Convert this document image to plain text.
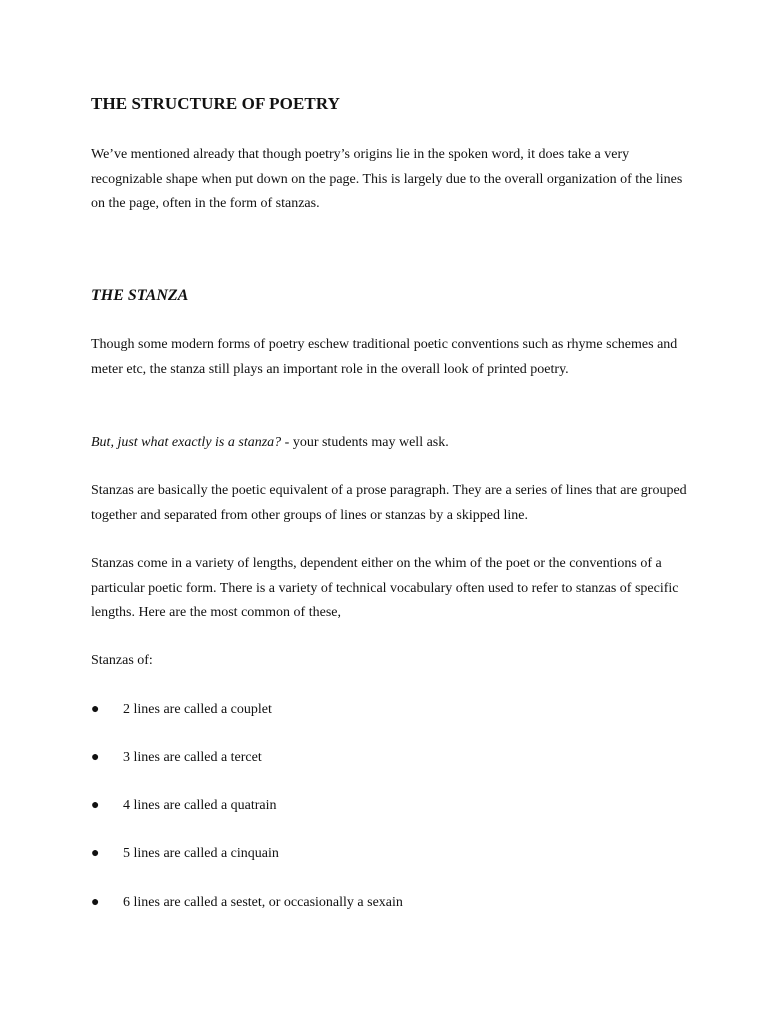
THE STRUCTURE OF POETRY

We’ve mentioned already that though poetry’s origins lie in the spoken word, it does take a very recognizable shape when put down on the page. This is largely due to the overall organization of the lines on the page, often in the form of stanzas.

THE STANZA

Though some modern forms of poetry eschew traditional poetic conventions such as rhyme schemes and meter etc, the stanza still plays an important role in the overall look of printed poetry.

But, just what exactly is a stanza? - your students may well ask.

Stanzas are basically the poetic equivalent of a prose paragraph. They are a series of lines that are grouped together and separated from other groups of lines or stanzas by a skipped line.

Stanzas come in a variety of lengths, dependent either on the whim of the poet or the conventions of a particular poetic form. There is a variety of technical vocabulary often used to refer to stanzas of specific lengths. Here are the most common of these,

Stanzas of:

●	2 lines are called a couplet
●	3 lines are called a tercet
●	4 lines are called a quatrain
●	5 lines are called a cinquain
●	6 lines are called a sestet, or occasionally a sexain
